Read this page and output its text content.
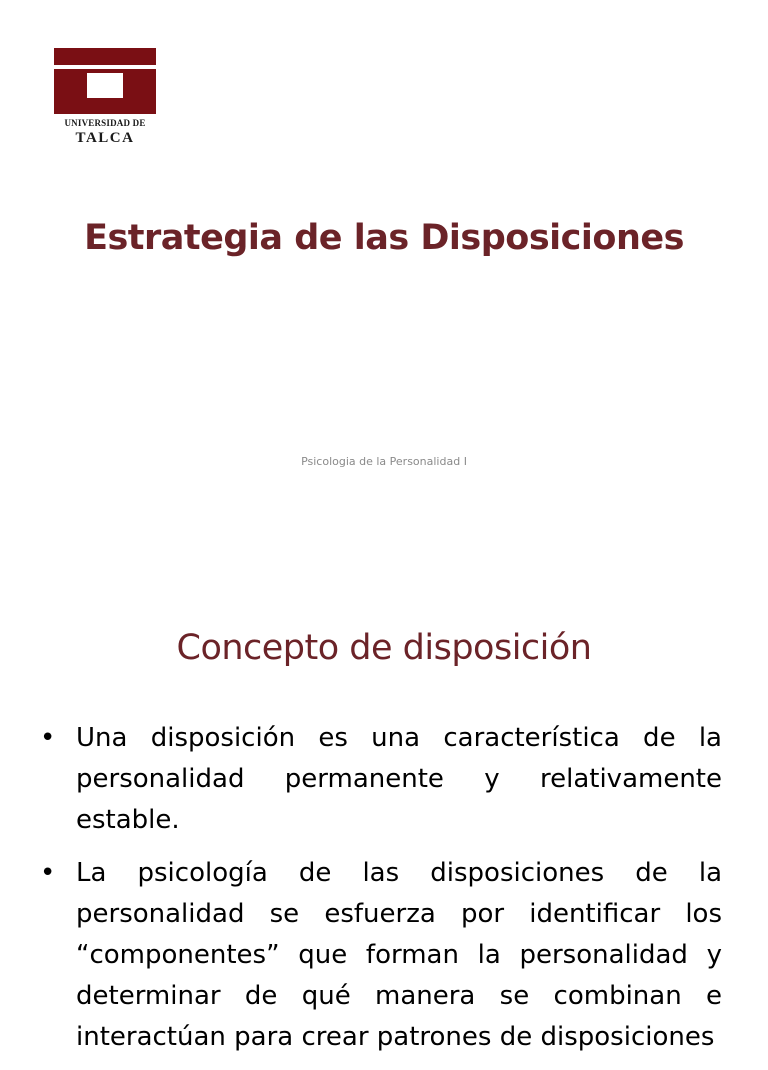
UNIVERSIDAD DE
TALCA
Estrategia de las Disposiciones
Psicologia de la Personalidad I
Concepto de disposición
• Una disposición es una característica de la personalidad permanente y relativamente estable.
• La psicología de las disposiciones de la personalidad se esfuerza por identificar los “componentes” que forman la personalidad y determinar de qué manera se combinan e interactúan para crear patrones de disposiciones
